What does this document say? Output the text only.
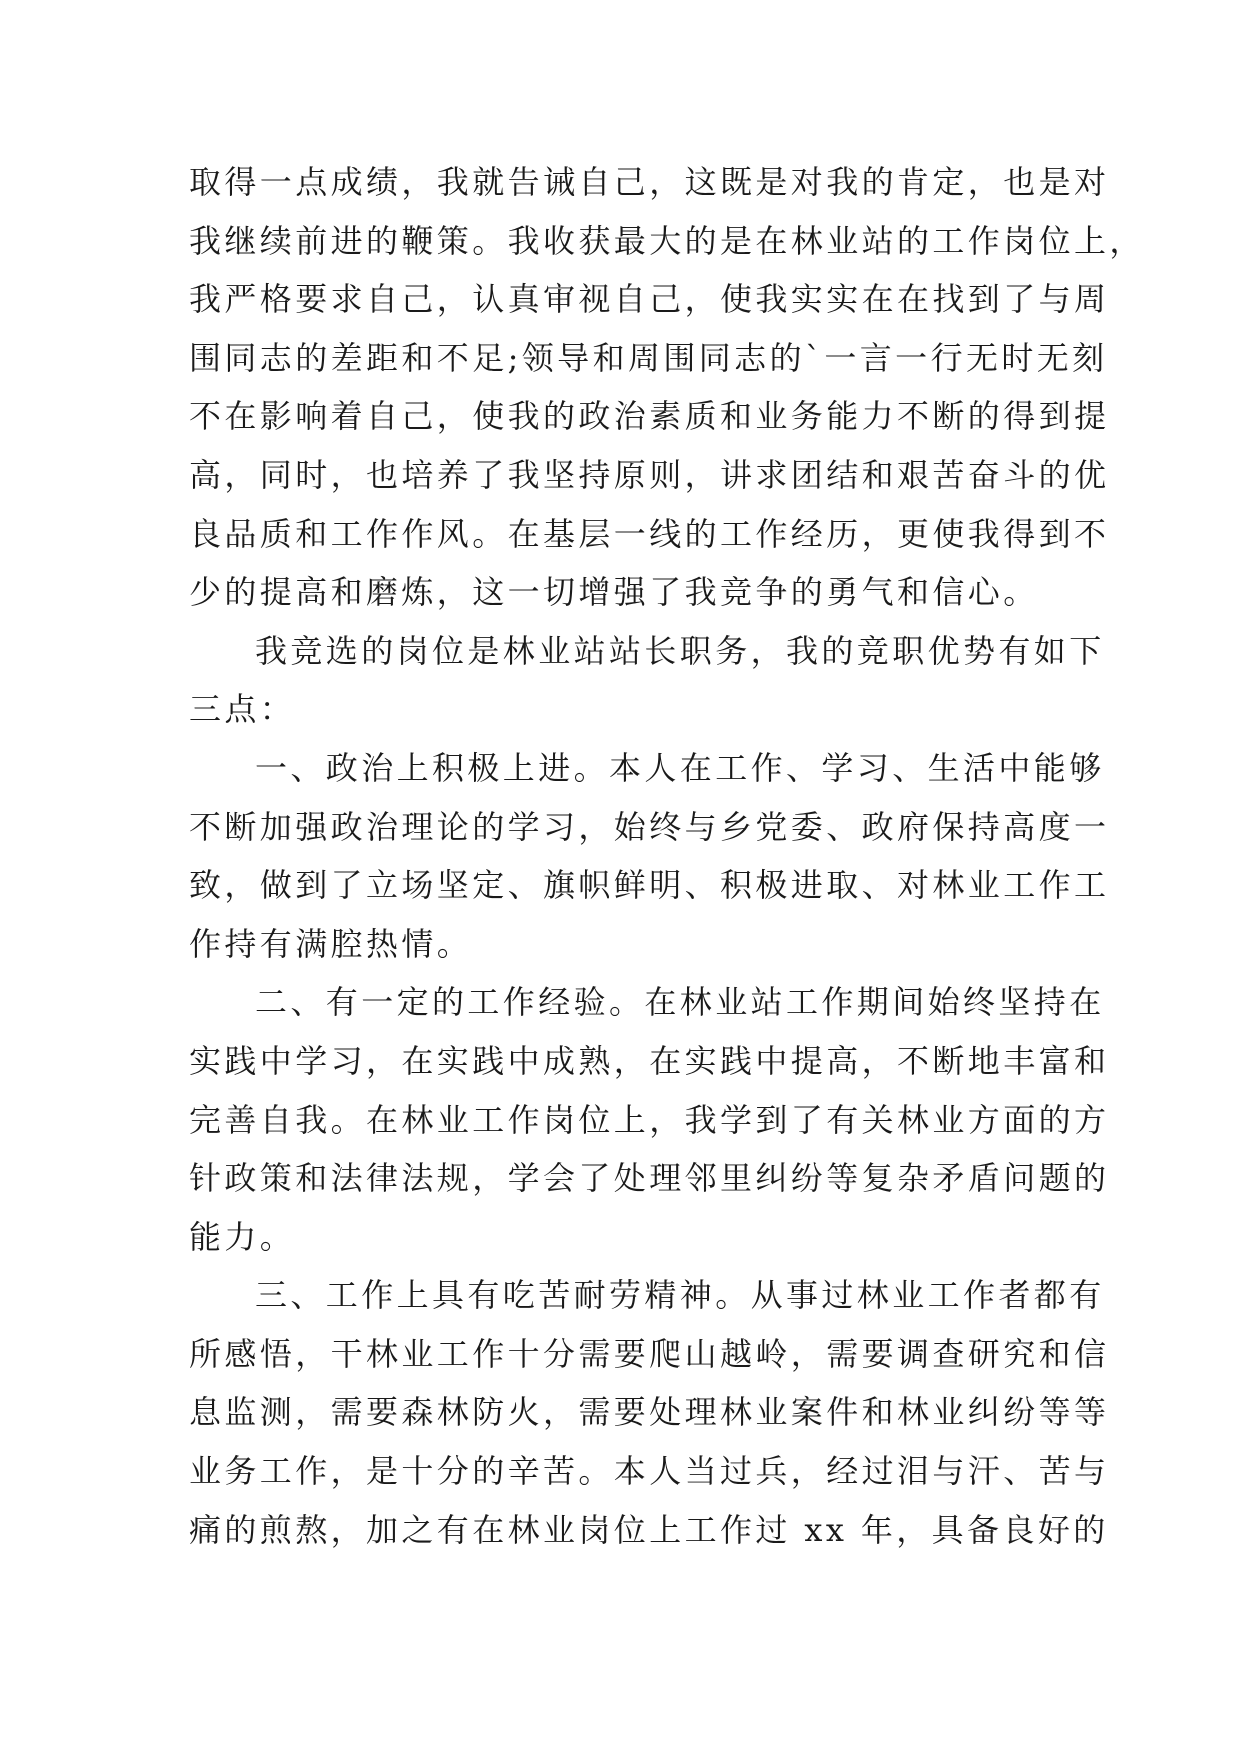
取得一点成绩，我就告诫自己，这既是对我的肯定，也是对
我继续前进的鞭策。我收获最大的是在林业站的工作岗位上，
我严格要求自己，认真审视自己，使我实实在在找到了与周
围同志的差距和不足;领导和周围同志的`一言一行无时无刻
不在影响着自己，使我的政治素质和业务能力不断的得到提
高，同时，也培养了我坚持原则，讲求团结和艰苦奋斗的优
良品质和工作作风。在基层一线的工作经历，更使我得到不
少的提高和磨炼，这一切增强了我竞争的勇气和信心。
我竞选的岗位是林业站站长职务，我的竞职优势有如下
三点：
一、政治上积极上进。本人在工作、学习、生活中能够
不断加强政治理论的学习，始终与乡党委、政府保持高度一
致，做到了立场坚定、旗帜鲜明、积极进取、对林业工作工
作持有满腔热情。
二、有一定的工作经验。在林业站工作期间始终坚持在
实践中学习，在实践中成熟，在实践中提高，不断地丰富和
完善自我。在林业工作岗位上，我学到了有关林业方面的方
针政策和法律法规，学会了处理邻里纠纷等复杂矛盾问题的
能力。
三、工作上具有吃苦耐劳精神。从事过林业工作者都有
所感悟，干林业工作十分需要爬山越岭，需要调查研究和信
息监测，需要森林防火，需要处理林业案件和林业纠纷等等
业务工作，是十分的辛苦。本人当过兵，经过泪与汗、苦与
痛的煎熬，加之有在林业岗位上工作过 xx 年，具备良好的
